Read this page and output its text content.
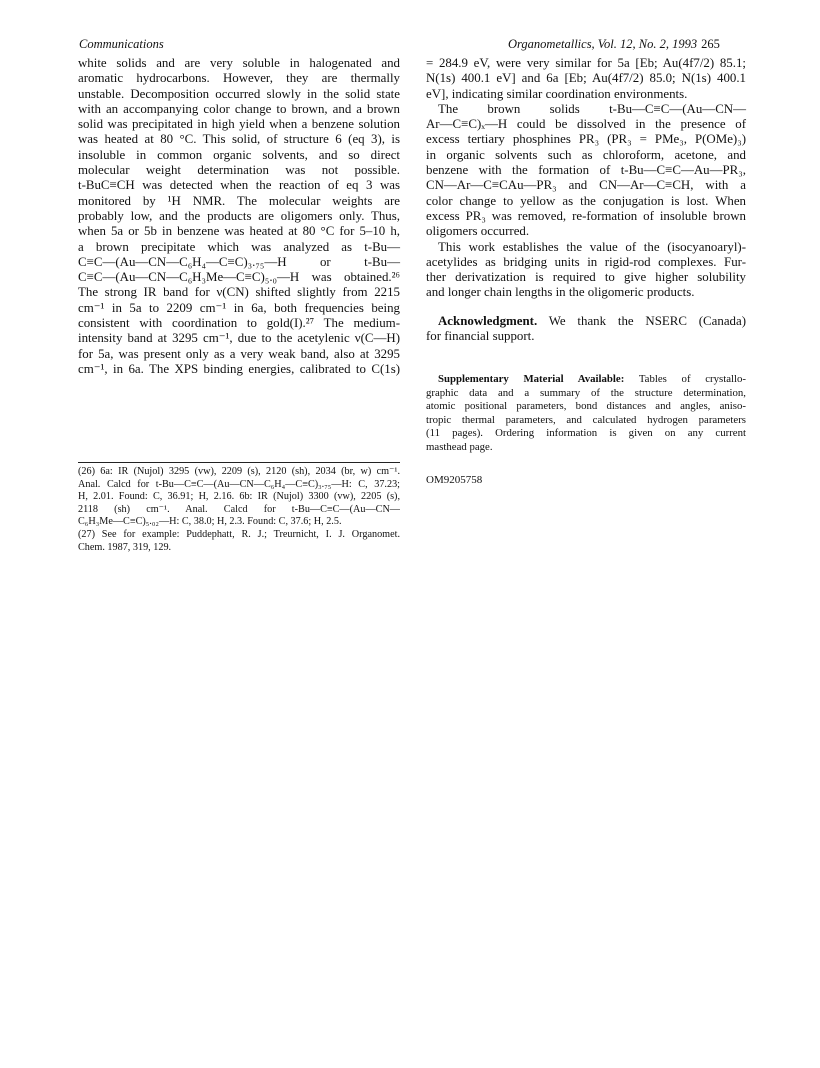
Communications	Organometallics, Vol. 12, No. 2, 1993 265
white solids and are very soluble in halogenated and
aromatic hydrocarbons. However, they are thermally
unstable. Decomposition occurred slowly in the solid state
with an accompanying color change to brown, and a brown
solid was precipitated in high yield when a benzene solution
was heated at 80 °C. This solid, of structure 6 (eq 3), is
insoluble in common organic solvents, and so direct
molecular weight determination was not possible.
t-BuC≡CH was detected when the reaction of eq 3 was
monitored by ¹H NMR. The molecular weights are
probably low, and the products are oligomers only. Thus,
when 5a or 5b in benzene was heated at 80 °C for 5–10 h,
a brown precipitate which was analyzed as t-Bu—
C≡C—(Au—CN—C₆H₄—C≡C)₃.₇₅—H or t-Bu—
C≡C—(Au—CN—C₆H₃Me—C≡C)₅.₀—H was obtained.²⁶
The strong IR band for ν(CN) shifted slightly from 2215
cm⁻¹ in 5a to 2209 cm⁻¹ in 6a, both frequencies being
consistent with coordination to gold(I).²⁷ The medium-
intensity band at 3295 cm⁻¹, due to the acetylenic ν(C—H)
for 5a, was present only as a very weak band, also at 3295
cm⁻¹, in 6a. The XPS binding energies, calibrated to C(1s)
(26) 6a: IR (Nujol) 3295 (vw), 2209 (s), 2120 (sh), 2034 (br, w) cm⁻¹.
Anal. Calcd for t-Bu—C≡C—(Au—CN—C₆H₄—C≡C)₃.₇₅—H: C, 37.23;
H, 2.01. Found: C, 36.91; H, 2.16. 6b: IR (Nujol) 3300 (vw), 2205 (s),
2118 (sh) cm⁻¹. Anal. Calcd for t-Bu—C≡C—(Au—CN—
C₆H₃Me—C≡C)₅.₀₂—H: C, 38.0; H, 2.3. Found: C, 37.6; H, 2.5.
(27) See for example: Puddephatt, R. J.; Treurnicht, I. J. Organomet.
Chem. 1987, 319, 129.
= 284.9 eV, were very similar for 5a [Eb; Au(4f7/2) 85.1;
N(1s) 400.1 eV] and 6a [Eb; Au(4f7/2) 85.0; N(1s) 400.1
eV], indicating similar coordination environments.
The brown solids t-Bu—C≡C—(Au—CN—
Ar—C≡C)ₓ—H could be dissolved in the presence of
excess tertiary phosphines PR₃ (PR₃ = PMe₃, P(OMe)₃)
in organic solvents such as chloroform, acetone, and
benzene with the formation of t-Bu—C≡C—Au—PR₃,
CN—Ar—C≡CAu—PR₃ and CN—Ar—C≡CH, with a
color change to yellow as the conjugation is lost. When
excess PR₃ was removed, re-formation of insoluble brown
oligomers occurred.
This work establishes the value of the (isocyanoaryl)-
acetylides as bridging units in rigid-rod complexes. Fur-
ther derivatization is required to give higher solubility
and longer chain lengths in the oligomeric products.
Acknowledgment. We thank the NSERC (Canada)
for financial support.
Supplementary Material Available: Tables of crystallo-
graphic data and a summary of the structure determination,
atomic positional parameters, bond distances and angles, aniso-
tropic thermal parameters, and calculated hydrogen parameters
(11 pages). Ordering information is given on any current
masthead page.
OM9205758
